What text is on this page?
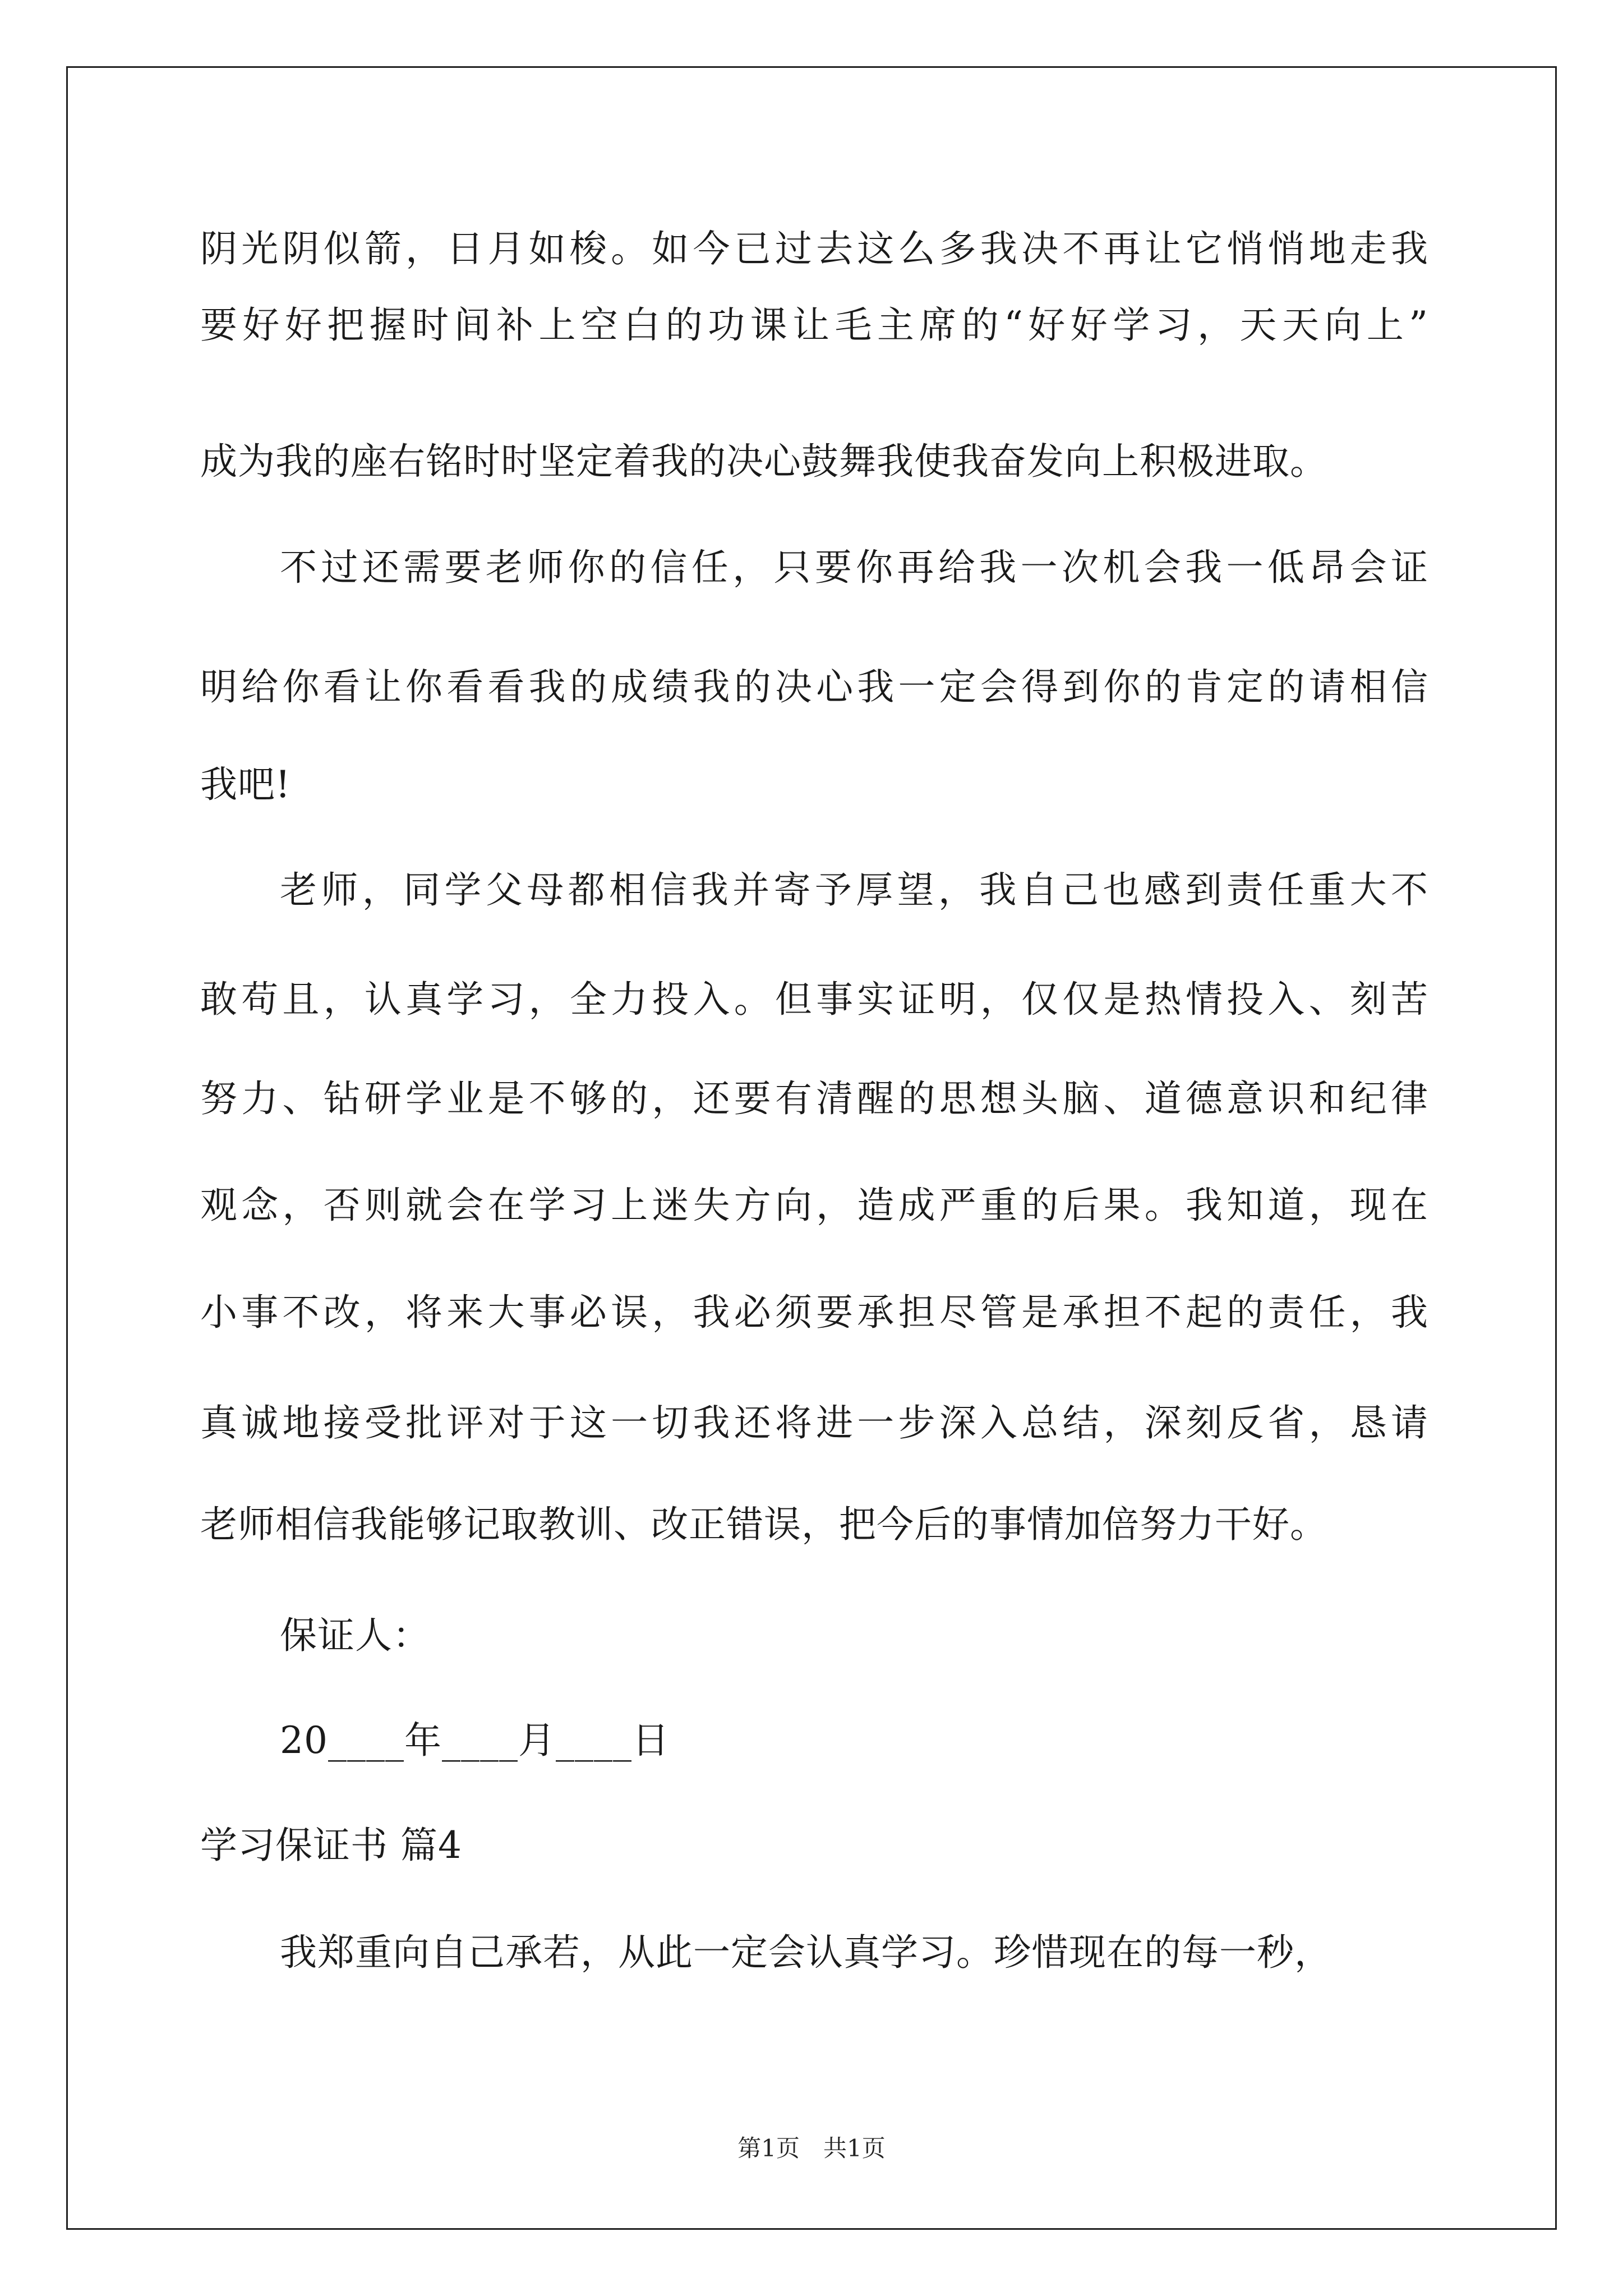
阴光阴似箭，日月如梭。如今已过去这么多我决不再让它悄悄地走我
要好好把握时间补上空白的功课让毛主席的“好好学习，天天向上”
成为我的座右铭时时坚定着我的决心鼓舞我使我奋发向上积极进取。
不过还需要老师你的信任，只要你再给我一次机会我一低昂会证
明给你看让你看看我的成绩我的决心我一定会得到你的肯定的请相信
我吧!
老师，同学父母都相信我并寄予厚望，我自己也感到责任重大不
敢苟且，认真学习，全力投入。但事实证明，仅仅是热情投入、刻苦
努力、钻研学业是不够的，还要有清醒的思想头脑、道德意识和纪律
观念，否则就会在学习上迷失方向，造成严重的后果。我知道，现在
小事不改，将来大事必误，我必须要承担尽管是承担不起的责任，我
真诚地接受批评对于这一切我还将进一步深入总结，深刻反省，恳请
老师相信我能够记取教训、改正错误，把今后的事情加倍努力干好。
保证人：
20____年____月____日
学习保证书 篇4
我郑重向自己承若，从此一定会认真学习。珍惜现在的每一秒，
第1页　共1页
